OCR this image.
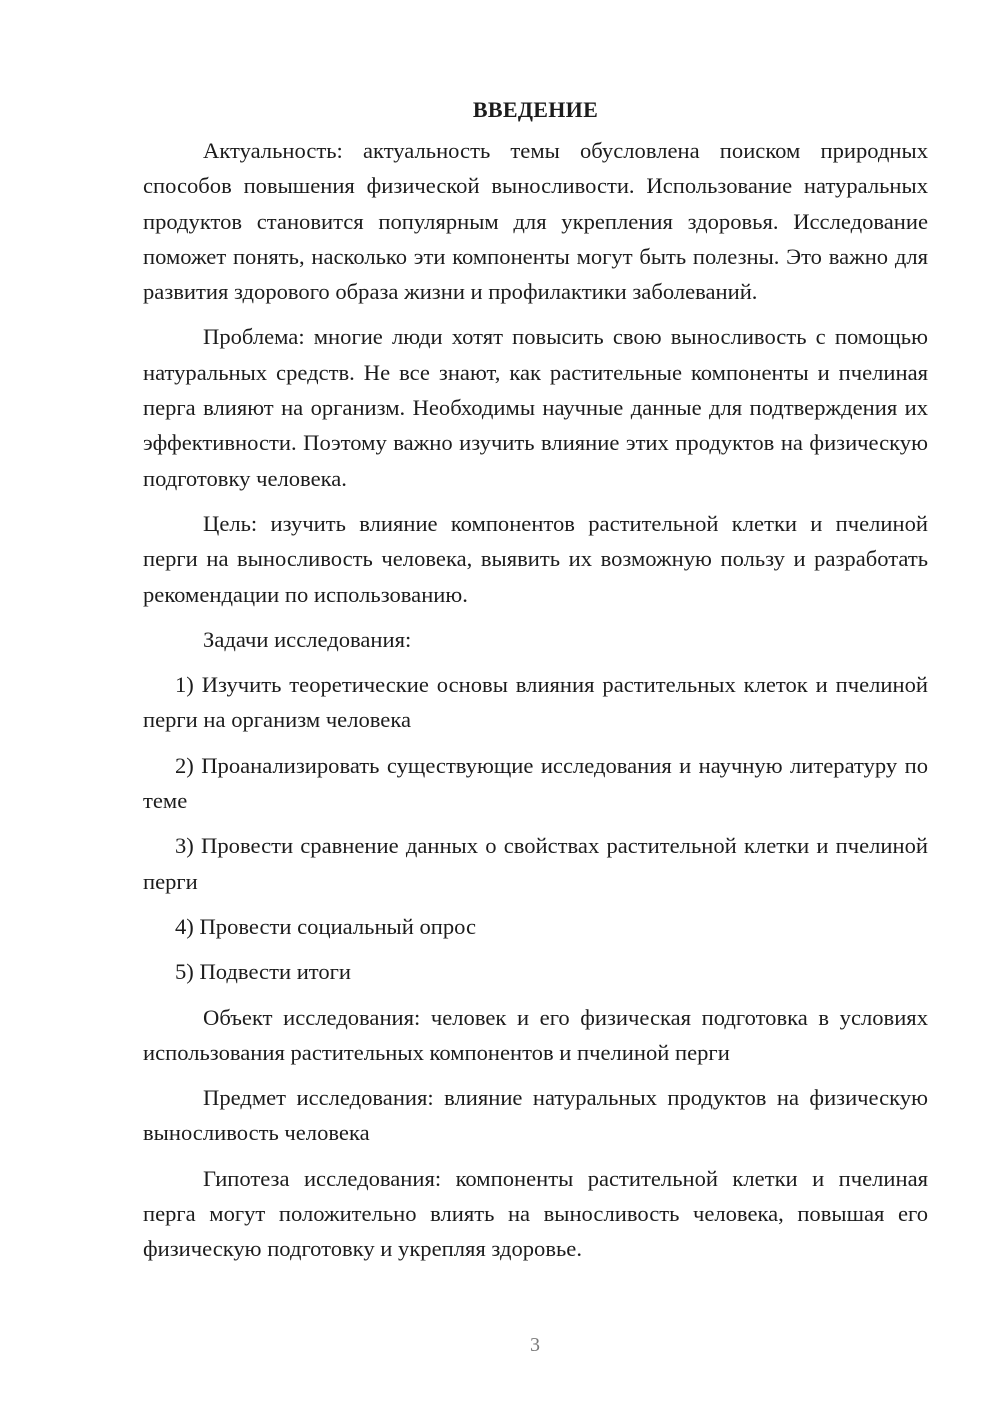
ВВЕДЕНИЕ

Актуальность: актуальность темы обусловлена поиском природных способов повышения физической выносливости. Использование натуральных продуктов становится популярным для укрепления здоровья. Исследование поможет понять, насколько эти компоненты могут быть полезны. Это важно для развития здорового образа жизни и профилактики заболеваний.

Проблема: многие люди хотят повысить свою выносливость с помощью натуральных средств. Не все знают, как растительные компоненты и пчелиная перга влияют на организм. Необходимы научные данные для подтверждения их эффективности. Поэтому важно изучить влияние этих продуктов на физическую подготовку человека.

Цель: изучить влияние компонентов растительной клетки и пчелиной перги на выносливость человека, выявить их возможную пользу и разработать рекомендации по использованию.

Задачи исследования:

1) Изучить теоретические основы влияния растительных клеток и пчелиной перги на организм человека

2) Проанализировать существующие исследования и научную литературу по теме

3) Провести сравнение данных о свойствах растительной клетки и пчелиной перги

4) Провести социальный опрос

5) Подвести итоги

Объект исследования: человек и его физическая подготовка в условиях использования растительных компонентов и пчелиной перги

Предмет исследования: влияние натуральных продуктов на физическую выносливость человека

Гипотеза исследования: компоненты растительной клетки и пчелиная перга могут положительно влиять на выносливость человека, повышая его физическую подготовку и укрепляя здоровье.

3
